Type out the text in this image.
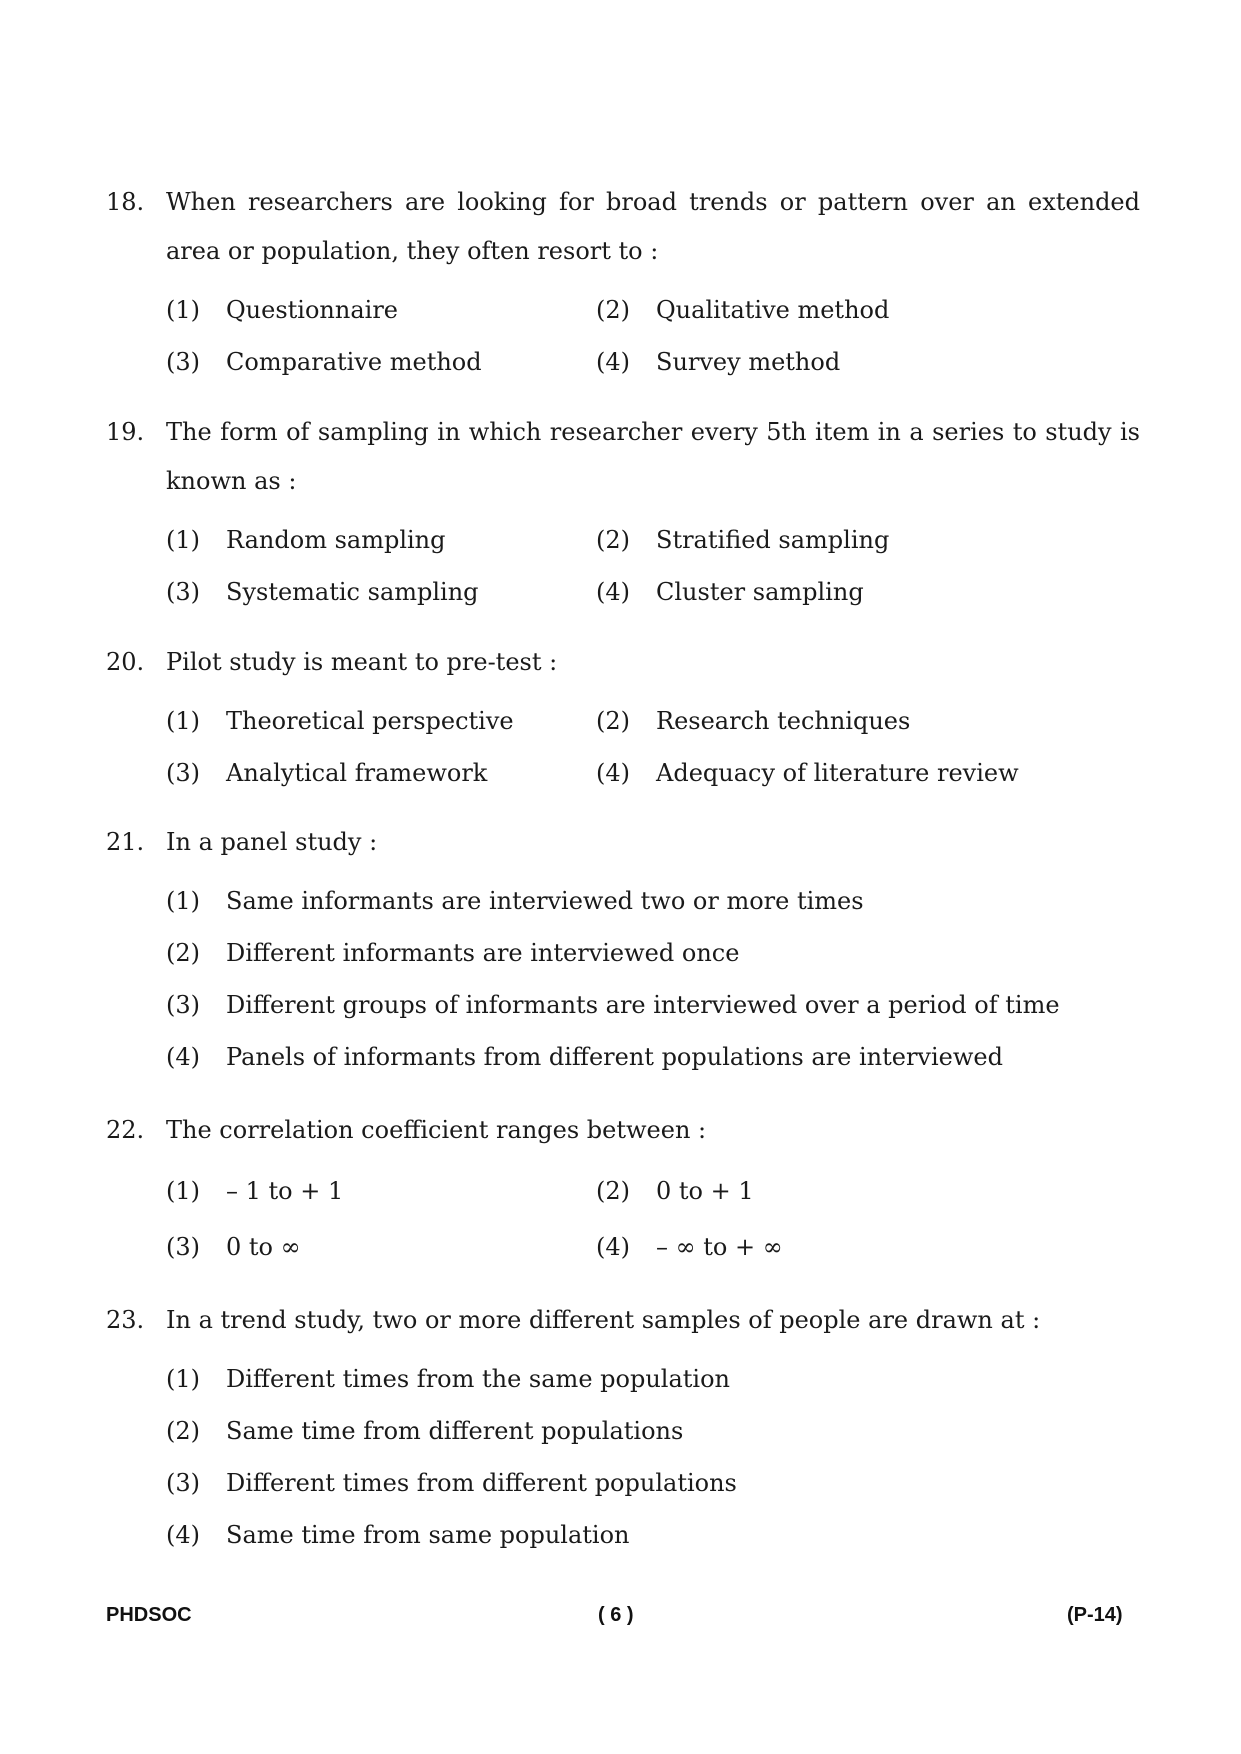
18. When researchers are looking for broad trends or pattern over an extended area or population, they often resort to :
(1)	Questionnaire	(2)	Qualitative method
(3)	Comparative method	(4)	Survey method
19. The form of sampling in which researcher every 5th item in a series to study is known as :
(1)	Random sampling	(2)	Stratified sampling
(3)	Systematic sampling	(4)	Cluster sampling
20. Pilot study is meant to pre-test :
(1)	Theoretical perspective	(2)	Research techniques
(3)	Analytical framework	(4)	Adequacy of literature review
21. In a panel study :
(1)	Same informants are interviewed two or more times
(2)	Different informants are interviewed once
(3)	Different groups of informants are interviewed over a period of time
(4)	Panels of informants from different populations are interviewed
22. The correlation coefficient ranges between :
(1)	– 1 to + 1	(2)	0 to + 1
(3)	0 to ∞	(4)	– ∞ to + ∞
23. In a trend study, two or more different samples of people are drawn at :
(1)	Different times from the same population
(2)	Same time from different populations
(3)	Different times from different populations
(4)	Same time from same population
PHDSOC	( 6 )	(P-14)
